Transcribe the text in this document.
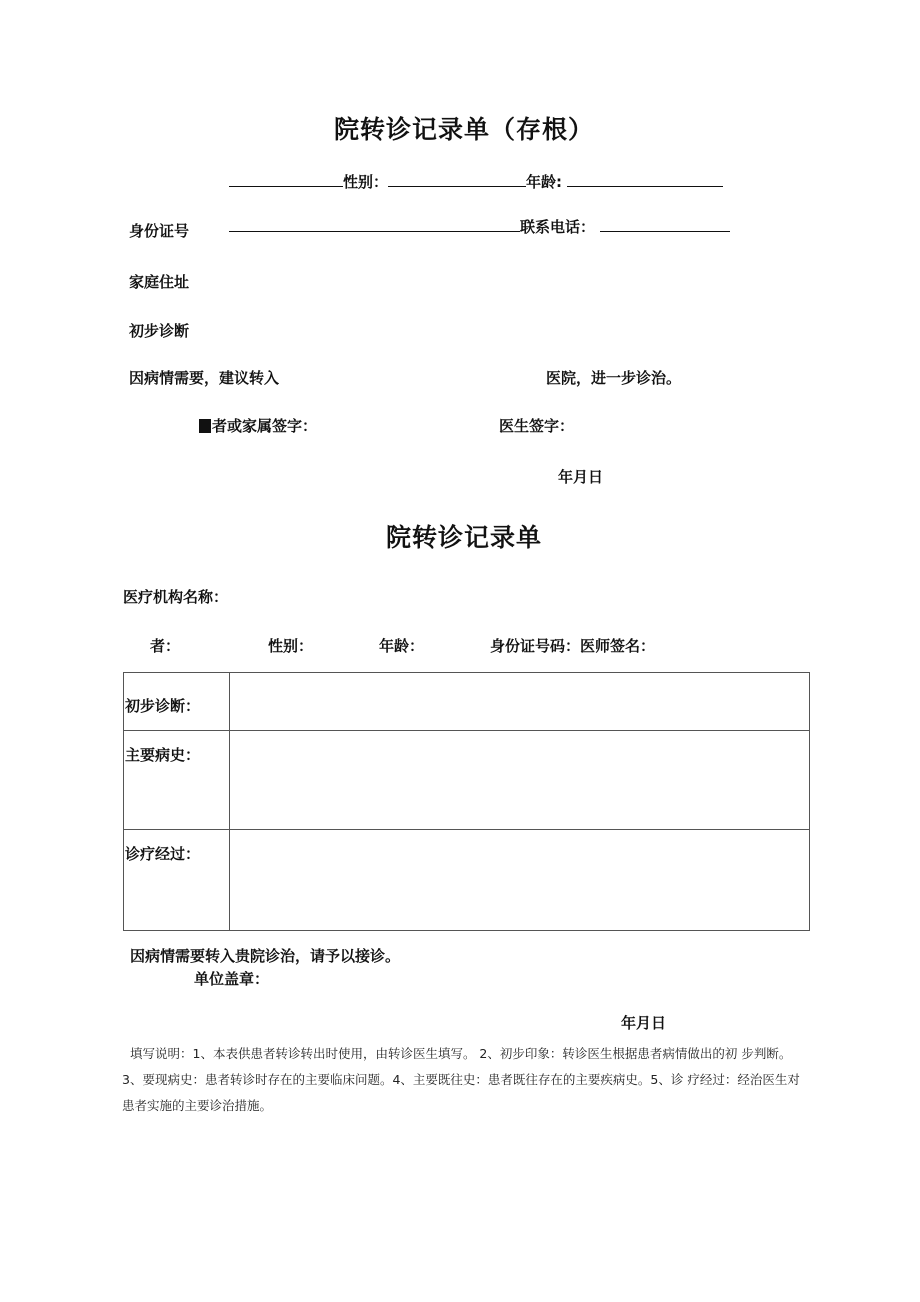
院转诊记录单（存根）
性别：	年龄:
身份证号	联系电话：
家庭住址
初步诊断
因病情需要，建议转入	医院，进一步诊治。
者或家属签字：	医生签字：
年月日
院转诊记录单
医疗机构名称：
者：	性别：	年龄：	身份证号码：医师签名：
初步诊断：	
主要病史：	
诊疗经过：	
因病情需要转入贵院诊治，请予以接诊。
单位盖章：
年月日
填写说明：1、本表供患者转诊转出时使用，由转诊医生填写。 2、初步印象：转诊医生根据患者病情做出的初 步判断。3、要现病史：患者转诊时存在的主要临床问题。4、主要既往史：患者既往存在的主要疾病史。5、诊 疗经过：经治医生对患者实施的主要诊治措施。
